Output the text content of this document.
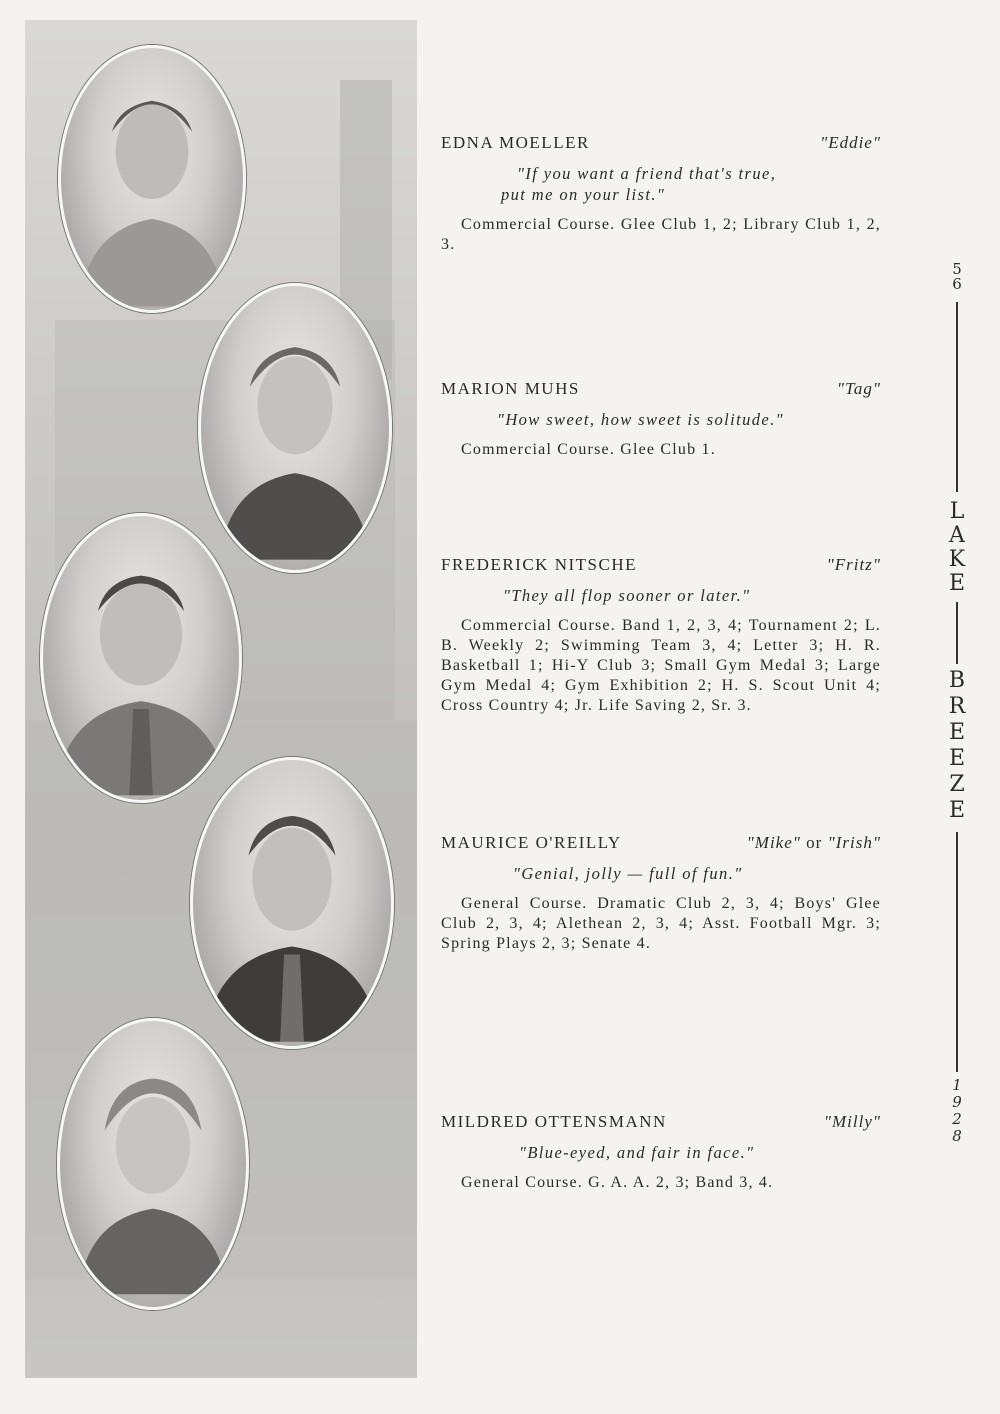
EDNA MOELLER	"Eddie"
"If you want a friend that's true,
put me on your list."
Commercial Course. Glee Club 1, 2; Library Club 1, 2, 3.
MARION MUHS	"Tag"
"How sweet, how sweet is solitude."
Commercial Course. Glee Club 1.
FREDERICK NITSCHE	"Fritz"
"They all flop sooner or later."
Commercial Course. Band 1, 2, 3, 4; Tournament 2; L. B. Weekly 2; Swimming Team 3, 4; Letter 3; H. R. Basketball 1; Hi-Y Club 3; Small Gym Medal 3; Large Gym Medal 4; Gym Exhibition 2; H. S. Scout Unit 4; Cross Country 4; Jr. Life Saving 2, Sr. 3.
MAURICE O'REILLY	"Mike" or "Irish"
"Genial, jolly — full of fun."
General Course. Dramatic Club 2, 3, 4; Boys' Glee Club 2, 3, 4; Alethean 2, 3, 4; Asst. Football Mgr. 3; Spring Plays 2, 3; Senate 4.
MILDRED OTTENSMANN	"Milly"
"Blue-eyed, and fair in face."
General Course. G. A. A. 2, 3; Band 3, 4.
5
6
L
A
K
E
B
R
E
E
Z
E
1
9
2
8
